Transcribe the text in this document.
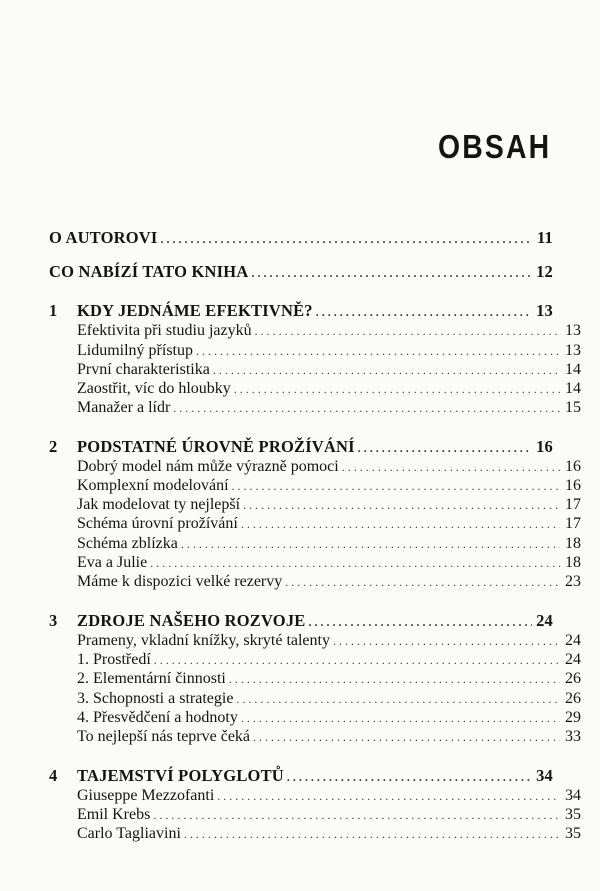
OBSAH
O AUTOROVI . . .	11
CO NABÍZÍ TATO KNIHA . . .	12
1	KDY JEDNÁME EFEKTIVNĚ? . . .	13
Efektivita při studiu jazyků . . .	13
Lidumilný přístup . . .	13
První charakteristika . . .	14
Zaostřit, víc do hloubky . . .	14
Manažer a lídr . . .	15
2	PODSTATNÉ ÚROVNĚ PROŽÍVÁNÍ . . .	16
Dobrý model nám může výrazně pomoci . . .	16
Komplexní modelování . . .	16
Jak modelovat ty nejlepší . . .	17
Schéma úrovní prožívání . . .	17
Schéma zblízka . . .	18
Eva a Julie . . .	18
Máme k dispozici velké rezervy . . .	23
3	ZDROJE NAŠEHO ROZVOJE . . .	24
Prameny, vkladní knížky, skryté talenty . . .	24
1. Prostředí . . .	24
2. Elementární činnosti . . .	26
3. Schopnosti a strategie . . .	26
4. Přesvědčení a hodnoty . . .	29
To nejlepší nás teprve čeká . . .	33
4	TAJEMSTVÍ POLYGLOTŮ . . .	34
Giuseppe Mezzofanti . . .	34
Emil Krebs . . .	35
Carlo Tagliavini . . .	35
